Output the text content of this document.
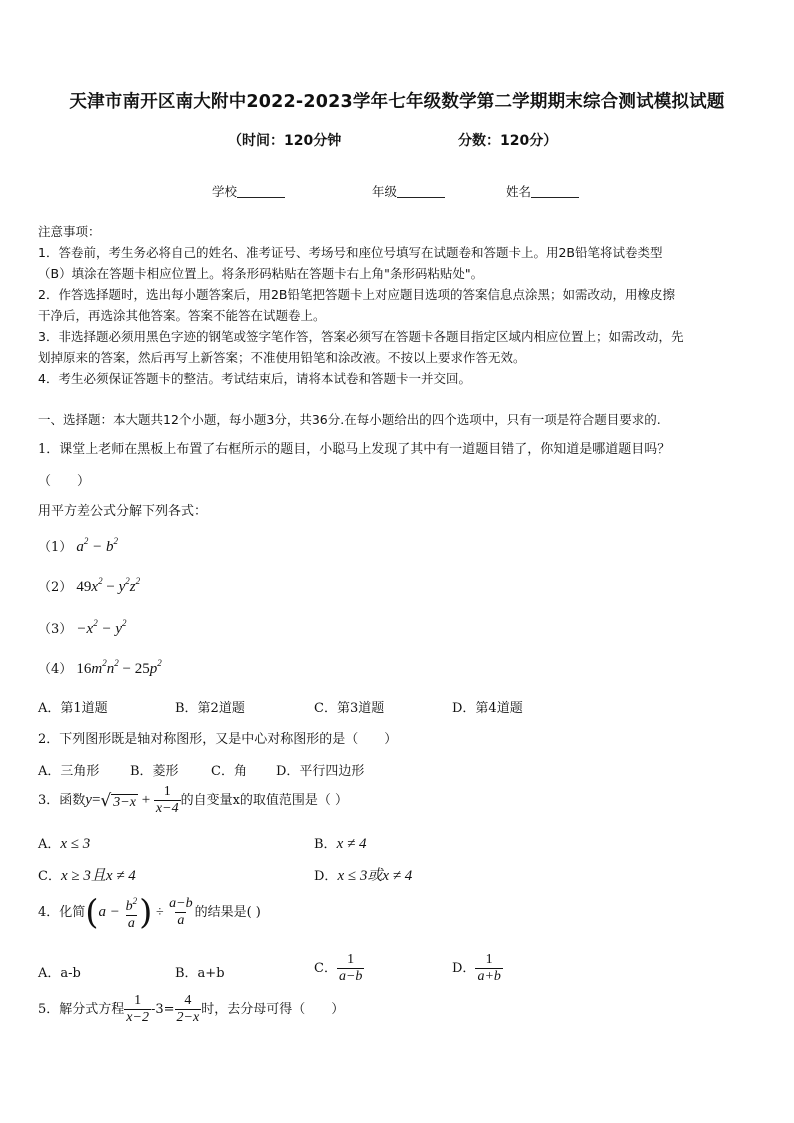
天津市南开区南大附中2022-2023学年七年级数学第二学期期末综合测试模拟试题
（时间：120分钟	分数：120分）
学校	年级	姓名
注意事项：
1．答卷前，考生务必将自己的姓名、准考证号、考场号和座位号填写在试题卷和答题卡上。用2B铅笔将试卷类型
（B）填涂在答题卡相应位置上。将条形码粘贴在答题卡右上角"条形码粘贴处"。
2．作答选择题时，选出每小题答案后，用2B铅笔把答题卡上对应题目选项的答案信息点涂黑；如需改动，用橡皮擦
干净后，再选涂其他答案。答案不能答在试题卷上。
3．非选择题必须用黑色字迹的钢笔或签字笔作答，答案必须写在答题卡各题目指定区域内相应位置上；如需改动，先
划掉原来的答案，然后再写上新答案；不准使用铅笔和涂改液。不按以上要求作答无效。
4．考生必须保证答题卡的整洁。考试结束后，请将本试卷和答题卡一并交回。
一、选择题：本大题共12个小题，每小题3分，共36分.在每小题给出的四个选项中，只有一项是符合题目要求的.
1．课堂上老师在黑板上布置了右框所示的题目，小聪马上发现了其中有一道题目错了，你知道是哪道题目吗？
（　　）
用平方差公式分解下列各式：
（1） $a^2 - b^2$
（2） $49x^2 - y^2z^2$
$(3) -x^2 - y^2$
（4） $16m^2n^2 - 25p^2$
A．第1道题	B．第2道题	C．第3道题	D．第4道题
2．下列图形既是轴对称图形，又是中心对称图形的是（　　）
A．三角形 B．菱形 C．角 D．平行四边形
3．函数y=√ $3-x + \frac{1}{x-4}$ 的自变量x的取值范围是（ ）
A．x ≤ 3	B．x ≠ 4
C．x ≥ 3且x ≠ 4	D．x ≤ 3或x ≠ 4
4．化简($a - \frac{b^2}{a}$ ) ÷ $\frac{a-b}{a}$ 的结果是( )
A．a-b	B．a+b	C． $\frac{1}{a-b}$	D． $\frac{1}{a+b}$
5．解分式方程 $\frac{1}{x-2} -3= \frac{4}{2-x}$ 时，去分母可得（　　）
